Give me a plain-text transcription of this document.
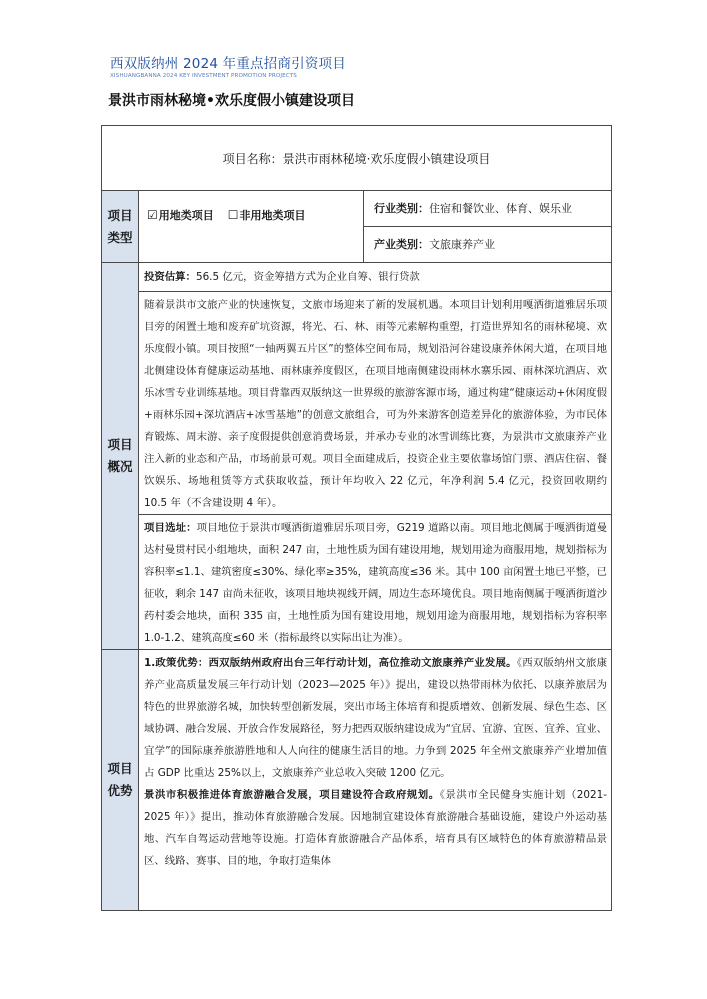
西双版纳州 2024 年重点招商引资项目
XISHUANGBANNA 2024 KEY INVESTMENT PROMOTION PROJECTS
景洪市雨林秘境•欢乐度假小镇建设项目
项目名称：景洪市雨林秘境·欢乐度假小镇建设项目		
项目类型	☑用地类项目 ☐非用地类项目	行业类别：住宿和餐饮业、体育、娱乐业
		产业类别：文旅康养产业
项目概况	投资估算：56.5 亿元，资金筹措方式为企业自筹、银行贷款	

	随着景洪市文旅产业的快速恢复，文旅市场迎来了新的发展机遇。本项目计划利用嘎洒街道雅居乐项目旁的闲置土地和废弃矿坑资源，将光、石、林、雨等元素解构重塑，打造世界知名的雨林秘境、欢乐度假小镇。项目按照“一轴两翼五片区”的整体空间布局，规划沿河谷建设康养休闲大道，在项目地北侧建设体育健康运动基地、雨林康养度假区，在项目地南侧建设雨林水寨乐园、雨林深坑酒店、欢乐冰雪专业训练基地。项目背靠西双版纳这一世界级的旅游客源市场，通过构建“健康运动+休闲度假+雨林乐园+深坑酒店+冰雪基地”的创意文旅组合，可为外来游客创造差异化的旅游体验，为市民体育锻炼、周末游、亲子度假提供创意消费场景，并承办专业的冰雪训练比赛，为景洪市文旅康养产业注入新的业态和产品，市场前景可观。项目全面建成后，投资企业主要依靠场馆门票、酒店住宿、餐饮娱乐、场地租赁等方式获取收益，预计年均收入 22 亿元，年净利润 5.4 亿元，投资回收期约 10.5 年（不含建设期 4 年）。	

	项目选址：项目地位于景洪市嘎洒街道雅居乐项目旁，G219 道路以南。项目地北侧属于嘎洒街道曼达村曼贯村民小组地块，面积 247 亩，土地性质为国有建设用地，规划用途为商服用地，规划指标为容积率≤1.1、建筑密度≤30%、绿化率≥35%，建筑高度≤36 米。其中 100 亩闲置土地已平整，已征收，剩余 147 亩尚未征收，该项目地块视线开阔，周边生态环境优良。项目地南侧属于嘎洒街道沙药村委会地块，面积 335 亩，土地性质为国有建设用地，规划用途为商服用地，规划指标为容积率 1.0-1.2、建筑高度≤60 米（指标最终以实际出让为准）。	

项目优势	1.政策优势：西双版纳州政府出台三年行动计划，高位推动文旅康养产业发展。《西双版纳州文旅康养产业高质量发展三年行动计划（2023—2025 年）》提出，建设以热带雨林为依托、以康养旅居为特色的世界旅游名城，加快转型创新发展，突出市场主体培育和提质增效、创新发展、绿色生态、区域协调、融合发展、开放合作发展路径，努力把西双版纳建设成为“宜居、宜游、宜医、宜养、宜业、宜学”的国际康养旅游胜地和人人向往的健康生活目的地。力争到 2025 年全州文旅康养产业增加值占 GDP 比重达 25%以上，文旅康养产业总收入突破 1200 亿元。
景洪市积极推进体育旅游融合发展，项目建设符合政府规划。《景洪市全民健身实施计划（2021-2025 年）》提出，推动体育旅游融合发展。因地制宜建设体育旅游融合基础设施，建设户外运动基地、汽车自驾运动营地等设施。打造体育旅游融合产品体系，培育具有区域特色的体育旅游精品景区、线路、赛事、目的地，争取打造集体	
